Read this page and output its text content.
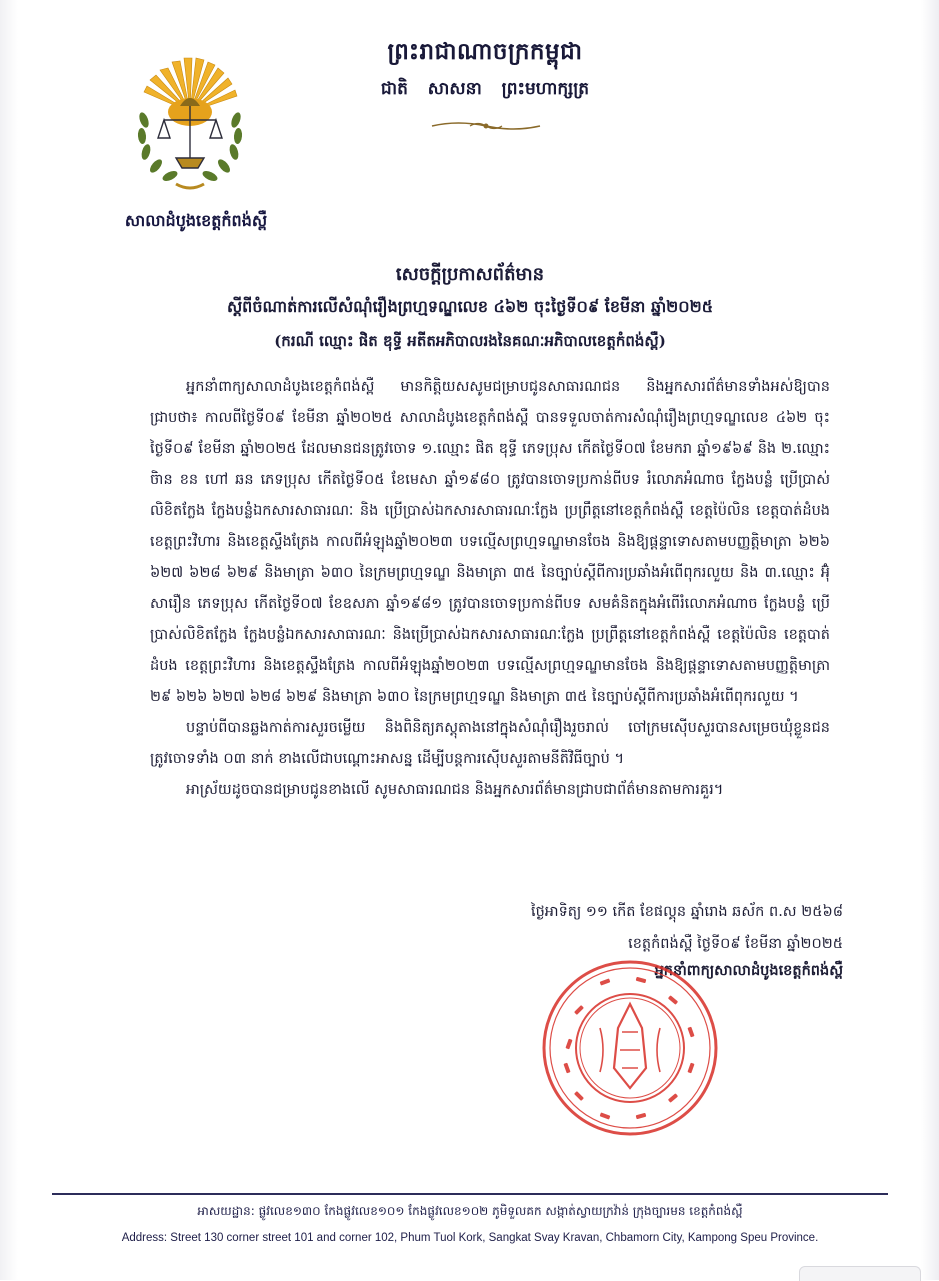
សាលាដំបូងខេត្តកំពង់ស្ពឺ
ព្រះរាជាណាចក្រកម្ពុជា
ជាតិ សាសនា ព្រះមហាក្សត្រ
សេចក្ដីប្រកាសព័ត៌មាន
ស្ដីពីចំណាត់ការលើសំណុំរឿងព្រហ្មទណ្ឌលេខ ៤៦២ ចុះថ្ងៃទី០៩ ខែមីនា ឆ្នាំ២០២៥
(ករណី ឈ្មោះ ផិត ឌុទ្ធី អតីតអភិបាលរងនៃគណៈអភិបាលខេត្តកំពង់ស្ពឺ)

អ្នកនាំពាក្យសាលាដំបូងខេត្តកំពង់ស្ពឺ មានកិត្តិយសសូមជម្រាបជូនសាធារណជន និងអ្នកសារព័ត៌មានទាំងអស់ឱ្យបានជ្រាបថា៖ កាលពីថ្ងៃទី០៩ ខែមីនា ឆ្នាំ២០២៥ សាលាដំបូងខេត្តកំពង់ស្ពឺ បានទទួលចាត់ការសំណុំរឿងព្រហ្មទណ្ឌលេខ ៤៦២ ចុះថ្ងៃទី០៩ ខែមីនា ឆ្នាំ២០២៥ ដែលមានជនត្រូវចោទ ១.ឈ្មោះ ផិត ឌុទ្ធី ភេទប្រុស កើតថ្ងៃទី០៧ ខែមករា ឆ្នាំ១៩៦៩ និង ២.ឈ្មោះ ចិាន ខន ហៅ ឆន ភេទប្រុស កើតថ្ងៃទី០៥ ខែមេសា ឆ្នាំ១៩៨០ ត្រូវបានចោទប្រកាន់ពីបទ រំលោភអំណាច ក្លែងបន្លំ ប្រើប្រាស់លិខិតក្លែង ក្លែងបន្លំឯកសារសាធារណៈ និង ប្រើប្រាស់ឯកសារសាធារណៈក្លែង ប្រព្រឹត្តនៅខេត្តកំពង់ស្ពឺ ខេត្តប៉ៃលិន ខេត្តបាត់ដំបង ខេត្តព្រះវិហារ និងខេត្តស្ទឹងត្រែង កាលពីអំឡុងឆ្នាំ២០២៣ បទល្មើសព្រហ្មទណ្ឌមានចែង និងឱ្យផ្ដន្ទាទោសតាមបញ្ញត្តិមាត្រា ៦២៦ ៦២៧ ៦២៨ ៦២៩ និងមាត្រា ៦៣០ នៃក្រមព្រហ្មទណ្ឌ និងមាត្រា ៣៥ នៃច្បាប់ស្ដីពីការប្រឆាំងអំពើពុករលួយ និង ៣.ឈ្មោះ អ៊ុំ សារឿន ភេទប្រុស កើតថ្ងៃទី០៧ ខែឧសភា ឆ្នាំ១៩៨១ ត្រូវបានចោទប្រកាន់ពីបទ សមគំនិតក្នុងអំពើរំលោភអំណាច ក្លែងបន្លំ ប្រើប្រាស់លិខិតក្លែង ក្លែងបន្លំឯកសារសាធារណៈ និងប្រើប្រាស់ឯកសារសាធារណៈក្លែង ប្រព្រឹត្តនៅខេត្តកំពង់ស្ពឺ ខេត្តប៉ៃលិន ខេត្តបាត់ដំបង ខេត្តព្រះវិហារ និងខេត្តស្ទឹងត្រែង កាលពីអំឡុងឆ្នាំ២០២៣ បទល្មើសព្រហ្មទណ្ឌមានចែង និងឱ្យផ្ដន្ទាទោសតាមបញ្ញត្តិមាត្រា ២៩ ៦២៦ ៦២៧ ៦២៨ ៦២៩ និងមាត្រា ៦៣០ នៃក្រមព្រហ្មទណ្ឌ និងមាត្រា ៣៥ នៃច្បាប់ស្ដីពីការប្រឆាំងអំពើពុករលួយ ។

បន្ទាប់ពីបានឆ្លងកាត់ការសួរចម្លើយ និងពិនិត្យភស្តុតាងនៅក្នុងសំណុំរឿងរួចរាល់ ចៅក្រមស៊ើបសួរបានសម្រេចឃុំខ្លួនជនត្រូវចោទទាំង ០៣ នាក់ ខាងលើជាបណ្ដោះអាសន្ន ដើម្បីបន្តការស៊ើបសួរតាមនីតិវិធីច្បាប់ ។

អាស្រ័យដូចបានជម្រាបជូនខាងលើ សូមសាធារណជន និងអ្នកសារព័ត៌មានជ្រាបជាព័ត៌មានតាមការគួរ។

ថ្ងៃអាទិត្យ ១១ កើត ខែផល្គុន ឆ្នាំរោង ឆស័ក ព.ស ២៥៦៨
ខេត្តកំពង់ស្ពឺ ថ្ងៃទី០៩ ខែមីនា ឆ្នាំ២០២៥
អ្នកនាំពាក្យសាលាដំបូងខេត្តកំពង់ស្ពឺ
អាសយដ្ឋាន: ផ្លូវលេខ១៣០ កែងផ្លូវលេខ១០១ កែងផ្លូវលេខ១០២ ភូមិទួលគក សង្កាត់ស្វាយក្រវ៉ាន់ ក្រុងច្បារមន ខេត្តកំពង់ស្ពឺ
Address: Street 130 corner street 101 and corner 102, Phum Tuol Kork, Sangkat Svay Kravan, Chbamorn City, Kampong Speu Province.
